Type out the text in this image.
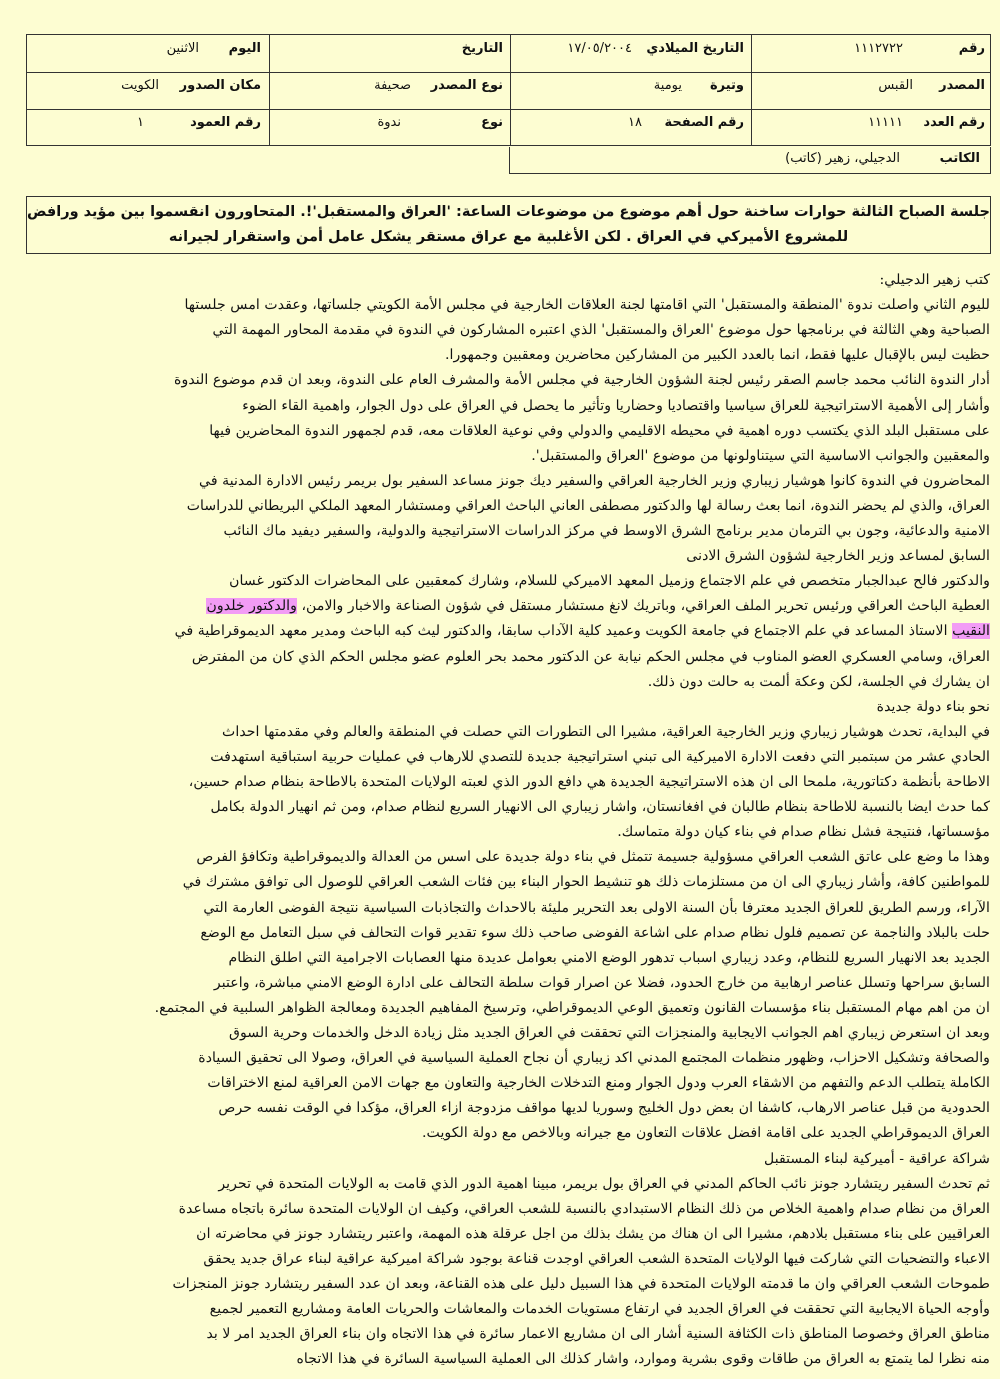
رقم
١١١٢٧٢٢
التاريخ الميلادي
١٧/٠٥/٢٠٠٤
التاريخ
اليوم
الاثنين
المصدر
القبس
وتيرة
يومية
نوع المصدر
صحيفة
مكان الصدور
الكويت
رقم العدد
١١١١١
رقم الصفحة
١٨
نوع
ندوة
رقم العمود
١
الكاتب
الدجيلي، زهير (كاتب)
جلسة الصباح الثالثة حوارات ساخنة حول أهم موضوع من موضوعات الساعة: 'العراق والمستقبل'!. المتحاورون انقسموا بين مؤيد ورافض
للمشروع الأميركي في العراق . لكن الأغلبية مع عراق مستقر يشكل عامل أمن واستقرار لجيرانه
كتب زهير الدجيلي:
لليوم الثاني واصلت ندوة 'المنطقة والمستقبل' التي اقامتها لجنة العلاقات الخارجية في مجلس الأمة الكويتي جلساتها، وعقدت امس جلستها
الصباحية وهي الثالثة في برنامجها حول موضوع 'العراق والمستقبل' الذي اعتبره المشاركون في الندوة في مقدمة المحاور المهمة التي
حظيت ليس بالإقبال عليها فقط، انما بالعدد الكبير من المشاركين محاضرين ومعقبين وجمهورا.
أدار الندوة النائب محمد جاسم الصقر رئيس لجنة الشؤون الخارجية في مجلس الأمة والمشرف العام على الندوة، وبعد ان قدم موضوع الندوة
وأشار إلى الأهمية الاستراتيجية للعراق سياسيا واقتصاديا وحضاريا وتأثير ما يحصل في العراق على دول الجوار، واهمية القاء الضوء
على مستقبل البلد الذي يكتسب دوره اهمية في محيطه الاقليمي والدولي وفي نوعية العلاقات معه، قدم لجمهور الندوة المحاضرين فيها
والمعقبين والجوانب الاساسية التي سيتناولونها من موضوع 'العراق والمستقبل'.
المحاضرون في الندوة كانوا هوشيار زيباري وزير الخارجية العراقي والسفير ديك جونز مساعد السفير بول بريمر رئيس الادارة المدنية في
العراق، والذي لم يحضر الندوة، انما بعث رسالة لها والدكتور مصطفى العاني الباحث العراقي ومستشار المعهد الملكي البريطاني للدراسات
الامنية والدعائية، وجون بي الترمان مدير برنامج الشرق الاوسط في مركز الدراسات الاستراتيجية والدولية، والسفير ديفيد ماك النائب
السابق لمساعد وزير الخارجية لشؤون الشرق الادنى
والدكتور فالح عبدالجبار متخصص في علم الاجتماع وزميل المعهد الاميركي للسلام، وشارك كمعقبين على المحاضرات الدكتور غسان
العطية الباحث العراقي ورئيس تحرير الملف العراقي، وباتريك لانغ مستشار مستقل في شؤون الصناعة والاخبار والامن، والدكتور خلدون
النقيب الاستاذ المساعد في علم الاجتماع في جامعة الكويت وعميد كلية الآداب سابقا، والدكتور ليث كبه الباحث ومدير معهد الديموقراطية في
العراق، وسامي العسكري العضو المناوب في مجلس الحكم نيابة عن الدكتور محمد بحر العلوم عضو مجلس الحكم الذي كان من المفترض
ان يشارك في الجلسة، لكن وعكة ألمت به حالت دون ذلك.
نحو بناء دولة جديدة
في البداية، تحدث هوشيار زيباري وزير الخارجية العراقية، مشيرا الى التطورات التي حصلت في المنطقة والعالم وفي مقدمتها احداث
الحادي عشر من سبتمبر التي دفعت الادارة الاميركية الى تبني استراتيجية جديدة للتصدي للارهاب في عمليات حربية استباقية استهدفت
الاطاحة بأنظمة دكتاتورية، ملمحا الى ان هذه الاستراتيجية الجديدة هي دافع الدور الذي لعبته الولايات المتحدة بالاطاحة بنظام صدام حسين،
كما حدث ايضا بالنسبة للاطاحة بنظام طالبان في افغانستان، واشار زيباري الى الانهيار السريع لنظام صدام، ومن ثم انهيار الدولة بكامل
مؤسساتها، فنتيجة فشل نظام صدام في بناء كيان دولة متماسك.
وهذا ما وضع على عاتق الشعب العراقي مسؤولية جسيمة تتمثل في بناء دولة جديدة على اسس من العدالة والديموقراطية وتكافؤ الفرص
للمواطنين كافة، وأشار زيباري الى ان من مستلزمات ذلك هو تنشيط الحوار البناء بين فئات الشعب العراقي للوصول الى توافق مشترك في
الآراء، ورسم الطريق للعراق الجديد معترفا بأن السنة الاولى بعد التحرير مليئة بالاحداث والتجاذبات السياسية نتيجة الفوضى العارمة التي
حلت بالبلاد والناجمة عن تصميم فلول نظام صدام على اشاعة الفوضى صاحب ذلك سوء تقدير قوات التحالف في سبل التعامل مع الوضع
الجديد بعد الانهيار السريع للنظام، وعدد زيباري اسباب تدهور الوضع الامني بعوامل عديدة منها العصابات الاجرامية التي اطلق النظام
السابق سراحها وتسلل عناصر ارهابية من خارج الحدود، فضلا عن اصرار قوات سلطة التحالف على ادارة الوضع الامني مباشرة، واعتبر
ان من اهم مهام المستقبل بناء مؤسسات القانون وتعميق الوعي الديموقراطي، وترسيخ المفاهيم الجديدة ومعالجة الظواهر السلبية في المجتمع.
وبعد ان استعرض زيباري اهم الجوانب الايجابية والمنجزات التي تحققت في العراق الجديد مثل زيادة الدخل والخدمات وحرية السوق
والصحافة وتشكيل الاحزاب، وظهور منظمات المجتمع المدني اكد زيباري أن نجاح العملية السياسية في العراق، وصولا الى تحقيق السيادة
الكاملة يتطلب الدعم والتفهم من الاشقاء العرب ودول الجوار ومنع التدخلات الخارجية والتعاون مع جهات الامن العراقية لمنع الاختراقات
الحدودية من قبل عناصر الارهاب، كاشفا ان بعض دول الخليج وسوريا لديها مواقف مزدوجة ازاء العراق، مؤكدا في الوقت نفسه حرص
العراق الديموقراطي الجديد على اقامة افضل علاقات التعاون مع جيرانه وبالاخص مع دولة الكويت.
شراكة عراقية - أميركية لبناء المستقبل
ثم تحدث السفير ريتشارد جونز نائب الحاكم المدني في العراق بول بريمر، مبينا اهمية الدور الذي قامت به الولايات المتحدة في تحرير
العراق من نظام صدام واهمية الخلاص من ذلك النظام الاستبدادي بالنسبة للشعب العراقي، وكيف ان الولايات المتحدة سائرة باتجاه مساعدة
العراقيين على بناء مستقبل بلادهم، مشيرا الى ان هناك من يشك بذلك من اجل عرقلة هذه المهمة، واعتبر ريتشارد جونز في محاضرته ان
الاعباء والتضحيات التي شاركت فيها الولايات المتحدة الشعب العراقي اوجدت قناعة بوجود شراكة اميركية عراقية لبناء عراق جديد يحقق
طموحات الشعب العراقي وان ما قدمته الولايات المتحدة في هذا السبيل دليل على هذه القناعة، وبعد ان عدد السفير ريتشارد جونز المنجزات
وأوجه الحياة الايجابية التي تحققت في العراق الجديد في ارتفاع مستويات الخدمات والمعاشات والحريات العامة ومشاريع التعمير لجميع
مناطق العراق وخصوصا المناطق ذات الكثافة السنية أشار الى ان مشاريع الاعمار سائرة في هذا الاتجاه وان بناء العراق الجديد امر لا بد
منه نظرا لما يتمتع به العراق من طاقات وقوى بشرية وموارد، واشار كذلك الى العملية السياسية السائرة في هذا الاتجاه
